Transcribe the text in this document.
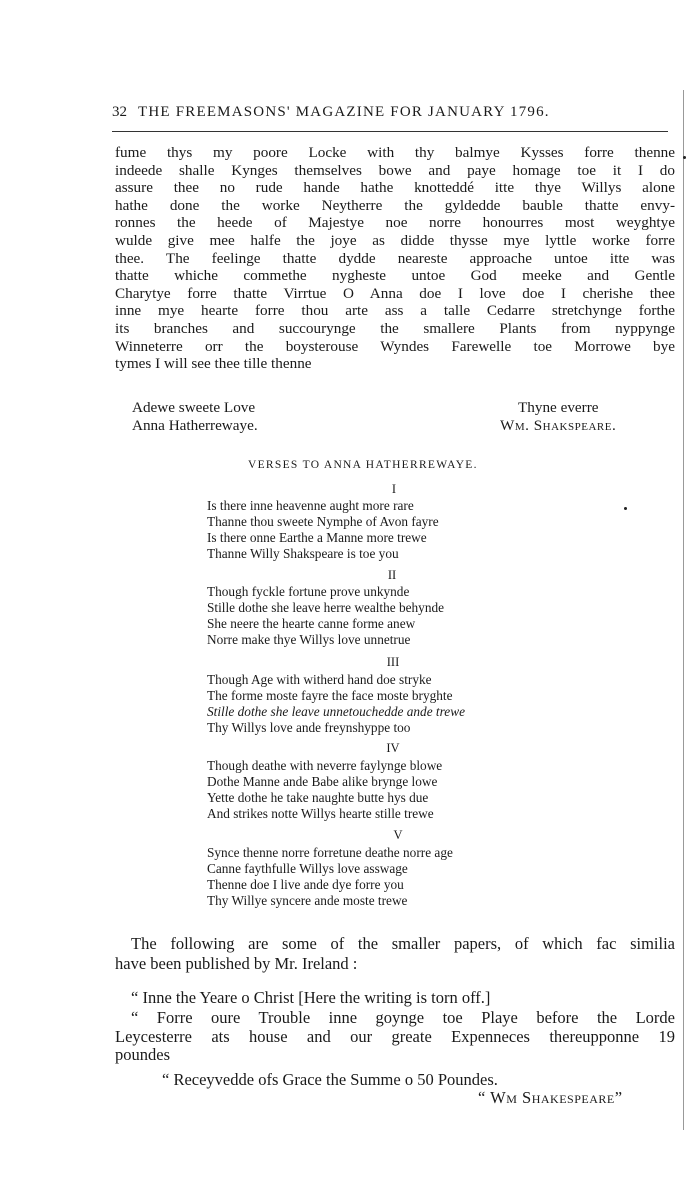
32 THE FREEMASONS' MAGAZINE FOR JANUARY 1796.
fume thys my poore Locke with thy balmye Kysses forre thenne
indeede shalle Kynges themselves bowe and paye homage toe it I do
assure thee no rude hande hathe knotteddé itte thye Willys alone
hathe done the worke Neytherre the gyldedde bauble thatte envy-
ronnes the heede of Majestye noe norre honourres most weyghtye
wulde give mee halfe the joye as didde thysse mye lyttle worke forre
thee. The feelinge thatte dydde neareste approache untoe itte was
thatte whiche commethe nygheste untoe God meeke and Gentle
Charytye forre thatte Virrtue O Anna doe I love doe I cherishe thee
inne mye hearte forre thou arte ass a talle Cedarre stretchynge forthe
its branches and succourynge the smallere Plants from nyppynge
Winneterre orr the boysterouse Wyndes Farewelle toe Morrowe bye
tymes I will see thee tille thenne
Adewe sweete Love
Anna Hatherrewaye.
Thyne everre
Wm. Shakspeare.
VERSES TO ANNA HATHERREWAYE.
I
Is there inne heavenne aught more rare
Thanne thou sweete Nymphe of Avon fayre
Is there onne Earthe a Manne more trewe
Thanne Willy Shakspeare is toe you
II
Though fyckle fortune prove unkynde
Stille dothe she leave herre wealthe behynde
She neere the hearte canne forme anew
Norre make thye Willys love unnetrue
III
Though Age with witherd hand doe stryke
The forme moste fayre the face moste bryghte
Stille dothe she leave unnetouchedde ande trewe
Thy Willys love ande freynshyppe too
IV
Though deathe with neverre faylynge blowe
Dothe Manne ande Babe alike brynge lowe
Yette dothe he take naughte butte hys due
And strikes notte Willys hearte stille trewe
V
Synce thenne norre forretune deathe norre age
Canne faythfulle Willys love asswage
Thenne doe I live ande dye forre you
Thy Willye syncere ande moste trewe
The following are some of the smaller papers, of which fac similia
have been published by Mr. Ireland :
“ Inne the Yeare o Christ [Here the writing is torn off.]
“ Forre oure Trouble inne goynge toe Playe before the Lorde
Leycesterre ats house and our greate Expenneces thereupponne 19
poundes
“ Receyvedde ofs Grace the Summe o 50 Poundes.
“ Wm Shakespeare”
